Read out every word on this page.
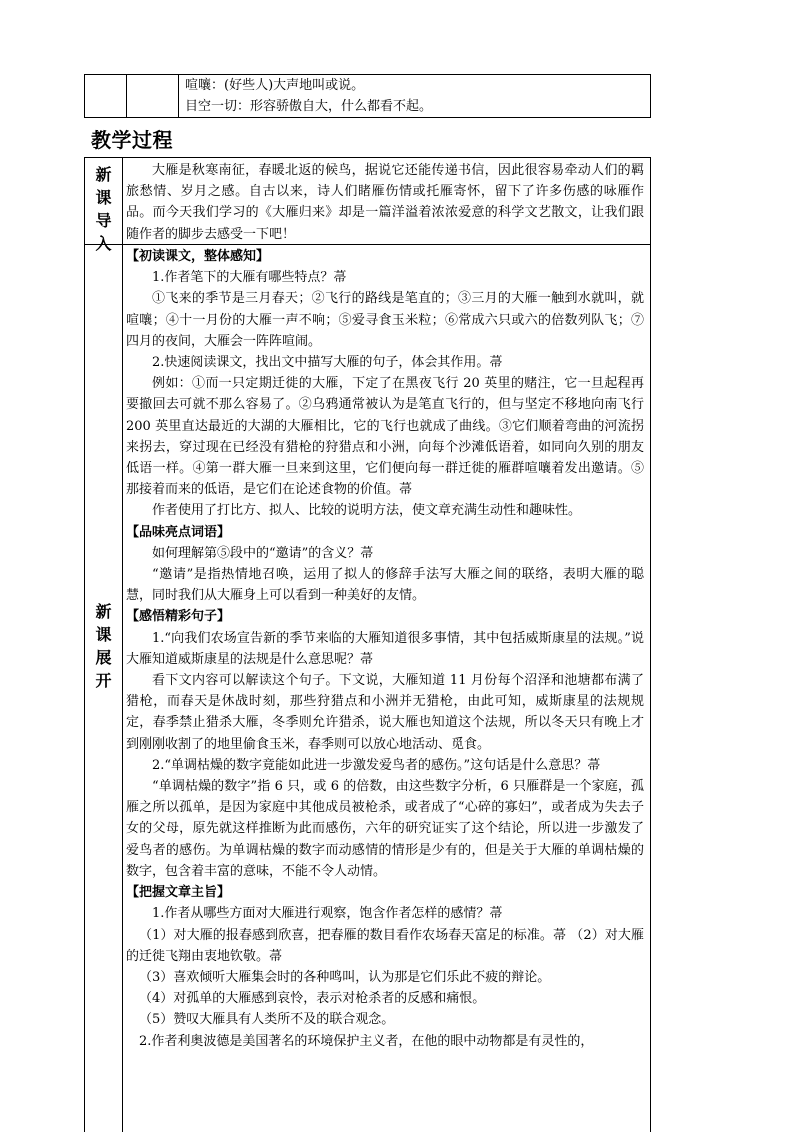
喧嚷：(好些人)大声地叫或说。
目空一切：形容骄傲自大，什么都看不起。
教学过程
新
课
导
入

大雁是秋寒南征，春暖北返的候鸟，据说它还能传递书信，因此很容易牵动人们的羁旅愁情、岁月之感。自古以来，诗人们睹雁伤情或托雁寄怀，留下了许多伤感的咏雁作品。而今天我们学习的《大雁归来》却是一篇洋溢着浓浓爱意的科学文艺散文，让我们跟随作者的脚步去感受一下吧！

新
课
展
开

【初读课文，整体感知】

1.作者笔下的大雁有哪些特点？菷

①飞来的季节是三月春天；②飞行的路线是笔直的；③三月的大雁一触到水就叫，就喧嚷；④十一月份的大雁一声不响；⑤爱寻食玉米粒；⑥常成六只或六的倍数列队飞；⑦四月的夜间，大雁会一阵阵喧闹。

2.快速阅读课文，找出文中描写大雁的句子，体会其作用。菷

例如：①而一只定期迁徙的大雁，下定了在黑夜飞行 20 英里的赌注，它一旦起程再要撤回去可就不那么容易了。②乌鸦通常被认为是笔直飞行的，但与坚定不移地向南飞行 200 英里直达最近的大湖的大雁相比，它的飞行也就成了曲线。③它们顺着弯曲的河流拐来拐去，穿过现在已经没有猎枪的狩猎点和小洲，向每个沙滩低语着，如同向久别的朋友低语一样。④第一群大雁一旦来到这里，它们便向每一群迁徙的雁群喧嚷着发出邀请。⑤那接着而来的低语，是它们在论述食物的价值。菷

作者使用了打比方、拟人、比较的说明方法，使文章充满生动性和趣味性。

【品味亮点词语】

如何理解第⑤段中的“邀请”的含义？菷

“邀请”是指热情地召唤，运用了拟人的修辞手法写大雁之间的联络，表明大雁的聪慧，同时我们从大雁身上可以看到一种美好的友情。

【感悟精彩句子】

1.“向我们农场宣告新的季节来临的大雁知道很多事情，其中包括威斯康星的法规。”说大雁知道威斯康星的法规是什么意思呢？菷

看下文内容可以解读这个句子。下文说，大雁知道 11 月份每个沼泽和池塘都布满了猎枪，而春天是休战时刻，那些狩猎点和小洲并无猎枪，由此可知，威斯康星的法规规定，春季禁止猎杀大雁，冬季则允许猎杀，说大雁也知道这个法规，所以冬天只有晚上才到刚刚收割了的地里偷食玉米，春季则可以放心地活动、觅食。

2.“单调枯燥的数字竟能如此进一步激发爱鸟者的感伤。”这句话是什么意思？菷

“单调枯燥的数字”指 6 只，或 6 的倍数，由这些数字分析，6 只雁群是一个家庭，孤雁之所以孤单，是因为家庭中其他成员被枪杀，或者成了“心碎的寡妇”，或者成为失去子女的父母，原先就这样推断为此而感伤，六年的研究证实了这个结论，所以进一步激发了爱鸟者的感伤。为单调枯燥的数字而动感情的情形是少有的，但是关于大雁的单调枯燥的数字，包含着丰富的意味，不能不令人动情。

【把握文章主旨】

1.作者从哪些方面对大雁进行观察，饱含作者怎样的感情？菷

（1）对大雁的报春感到欣喜，把春雁的数目看作农场春天富足的标准。菷 （2）对大雁的迁徙飞翔由衷地钦敬。菷

（3）喜欢倾听大雁集会时的各种鸣叫，认为那是它们乐此不疲的辩论。

（4）对孤单的大雁感到哀怜，表示对枪杀者的反感和痛恨。

（5）赞叹大雁具有人类所不及的联合观念。

2.作者利奥波德是美国著名的环境保护主义者，在他的眼中动物都是有灵性的，
